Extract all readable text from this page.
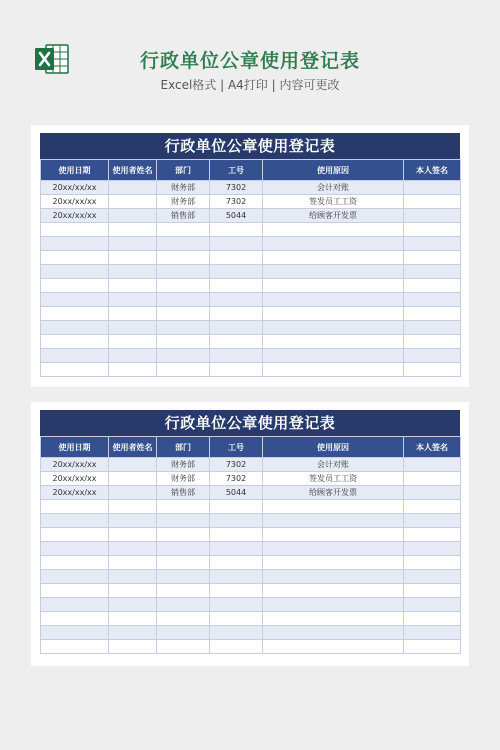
行政单位公章使用登记表
Excel格式 | A4打印 | 内容可更改
行政单位公章使用登记表
使用日期	使用者姓名	部门	工号	使用原因	本人签名
20xx/xx/xx		财务部	7302	会计对账	
20xx/xx/xx		财务部	7302	签发员工工资	
20xx/xx/xx		销售部	5044	给顾客开发票	

行政单位公章使用登记表
使用日期	使用者姓名	部门	工号	使用原因	本人签名
20xx/xx/xx		财务部	7302	会计对账	
20xx/xx/xx		财务部	7302	签发员工工资	
20xx/xx/xx		销售部	5044	给顾客开发票	
